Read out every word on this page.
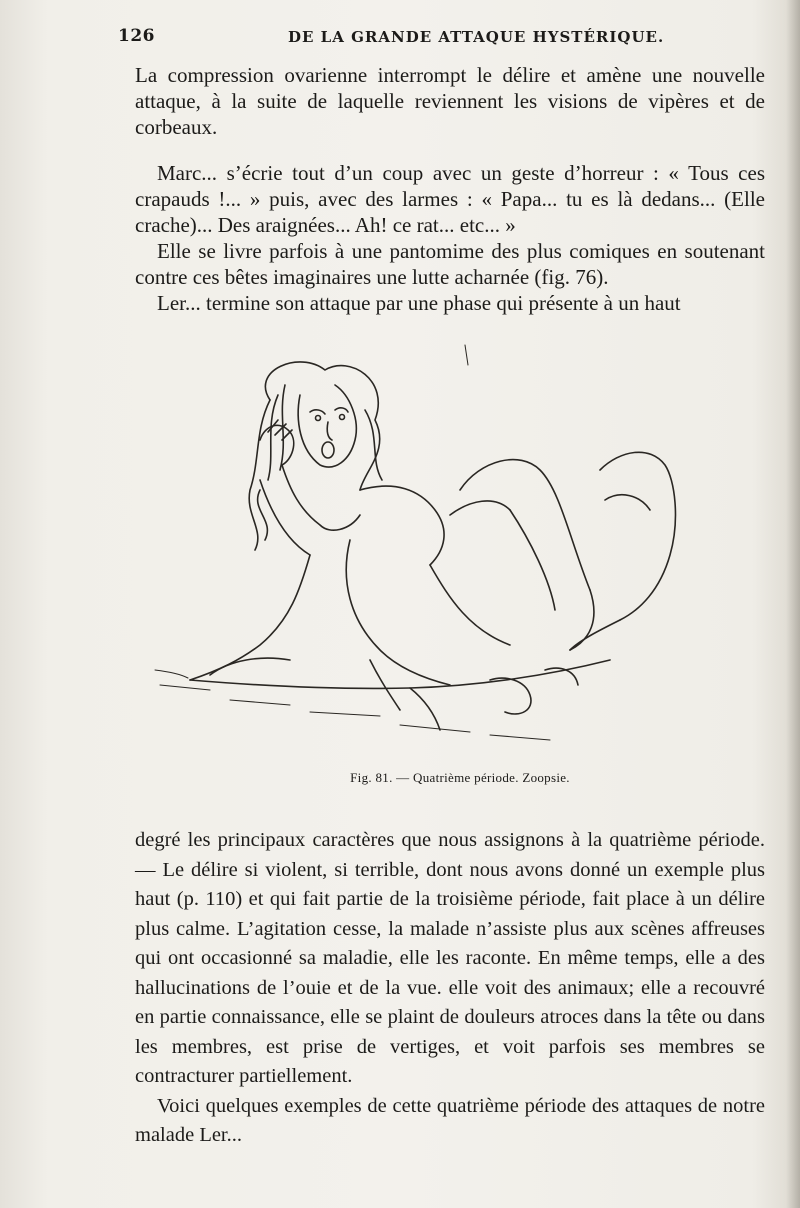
126	DE LA GRANDE ATTAQUE HYSTÉRIQUE.

La compression ovarienne interrompt le délire et amène une nouvelle attaque, à la suite de laquelle reviennent les visions de vipères et de corbeaux.

Marc... s’écrie tout d’un coup avec un geste d’horreur : « Tous ces crapauds !... » puis, avec des larmes : « Papa... tu es là dedans... (Elle crache)... Des araignées... Ah! ce rat... etc... »

Elle se livre parfois à une pantomime des plus comiques en soutenant contre ces bêtes imaginaires une lutte acharnée (fig. 76).

Ler... termine son attaque par une phase qui présente à un haut

Fig. 81. — Quatrième période. Zoopsie.

degré les principaux caractères que nous assignons à la quatrième période. — Le délire si violent, si terrible, dont nous avons donné un exemple plus haut (p. 110) et qui fait partie de la troisième période, fait place à un délire plus calme. L’agitation cesse, la malade n’assiste plus aux scènes affreuses qui ont occasionné sa maladie, elle les raconte. En même temps, elle a des hallucinations de l’ouie et de la vue. elle voit des animaux; elle a recouvré en partie connaissance, elle se plaint de douleurs atroces dans la tête ou dans les membres, est prise de vertiges, et voit parfois ses membres se contracturer partiellement.

Voici quelques exemples de cette quatrième période des attaques de notre malade Ler...
